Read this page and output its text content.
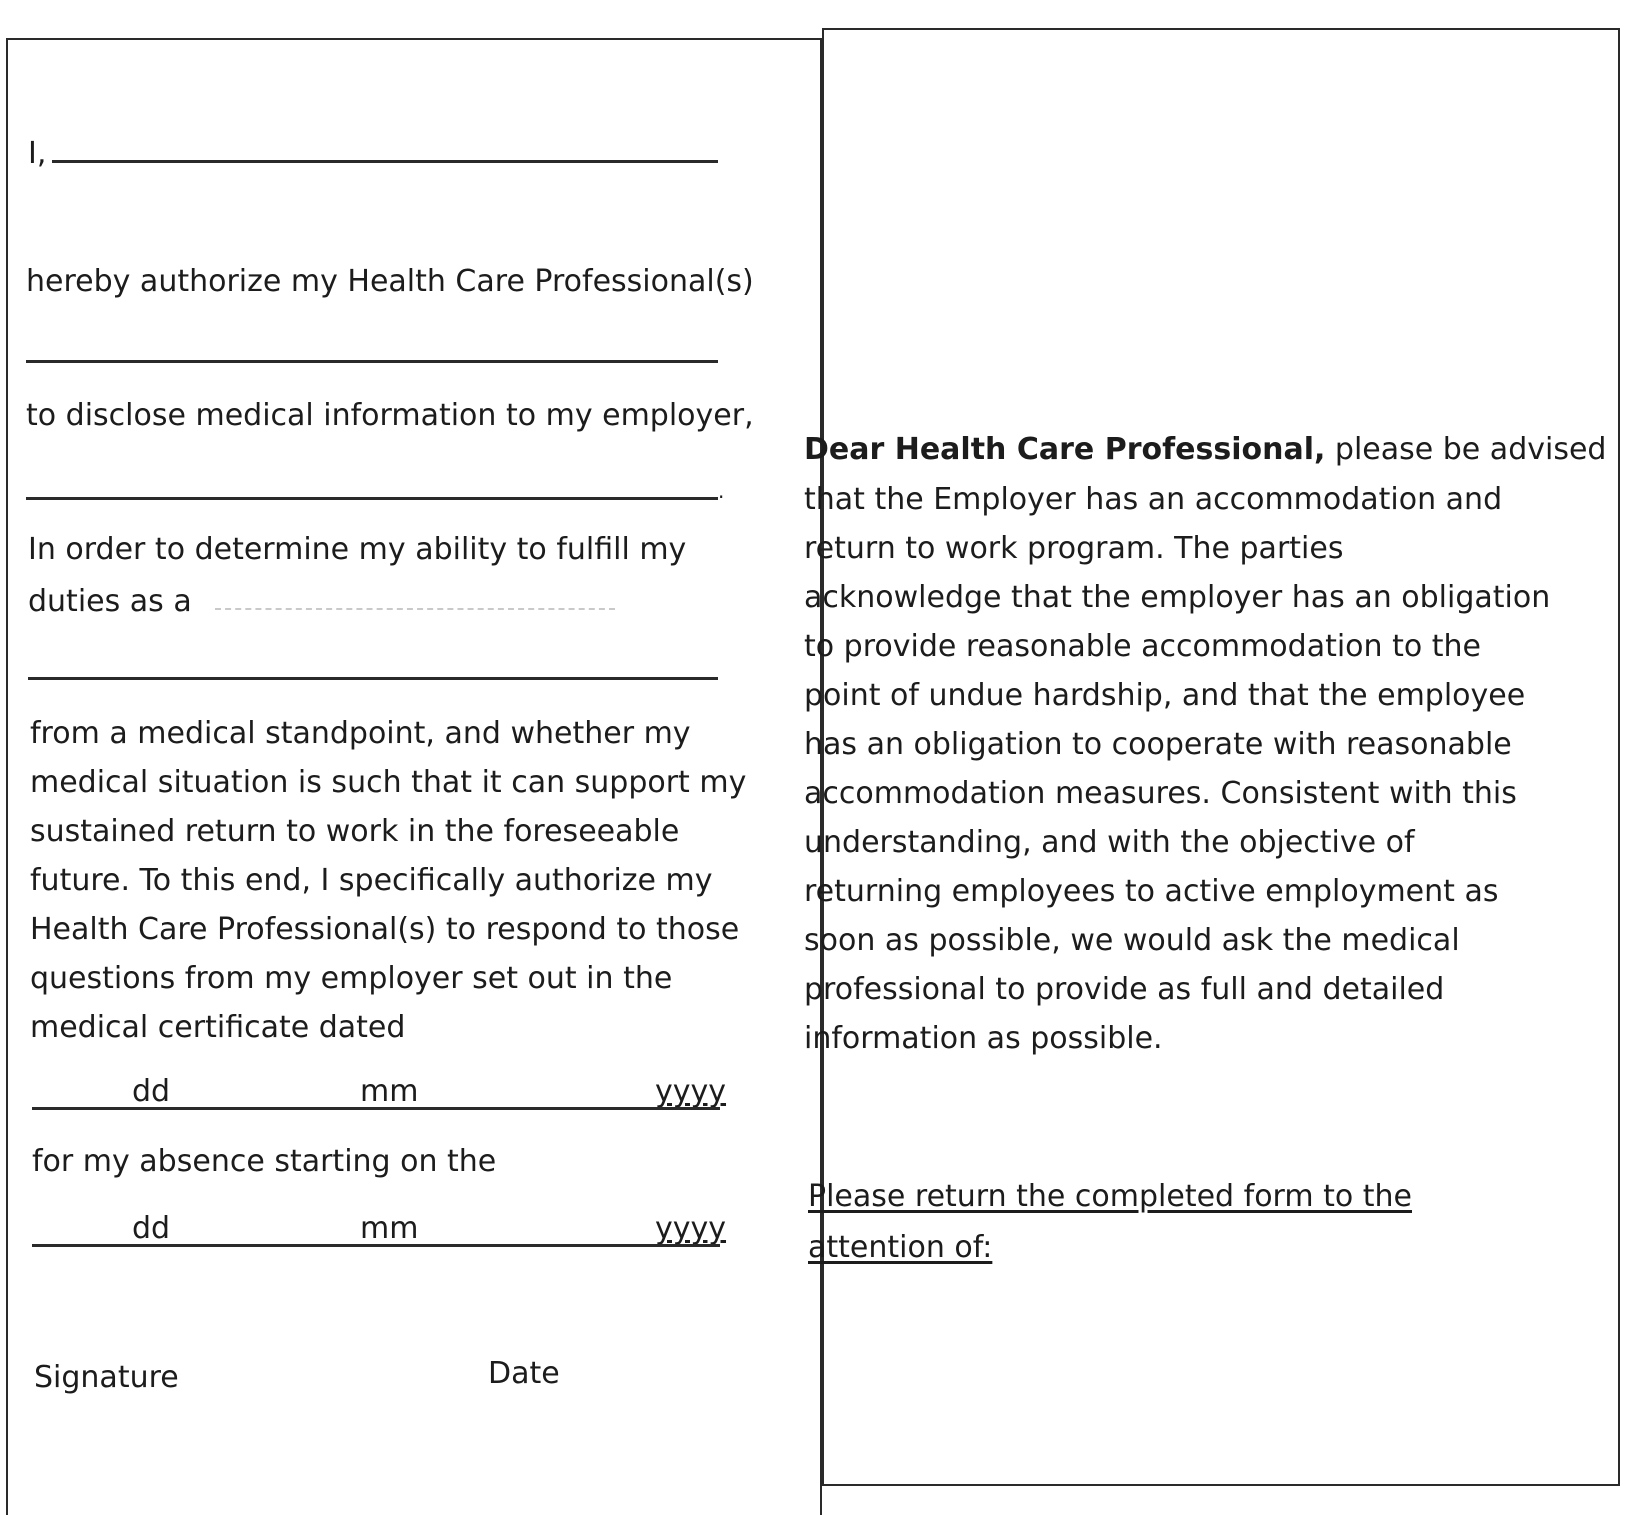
I,
hereby authorize my Health Care Professional(s)
to disclose medical information to my employer,
.
In order to determine my ability to fulfill my
duties as a
from a medical standpoint, and whether my
medical situation is such that it can support my
sustained return to work in the foreseeable
future. To this end, I specifically authorize my
Health Care Professional(s) to respond to those
questions from my employer set out in the
medical certificate dated
dd	mm	yyyy
for my absence starting on the
dd	mm	yyyy
Signature	Date
Dear Health Care Professional, please be advised
that the Employer has an accommodation and
return to work program. The parties
acknowledge that the employer has an obligation
to provide reasonable accommodation to the
point of undue hardship, and that the employee
has an obligation to cooperate with reasonable
accommodation measures. Consistent with this
understanding, and with the objective of
returning employees to active employment as
soon as possible, we would ask the medical
professional to provide as full and detailed
information as possible.
Please return the completed form to the
attention of:
